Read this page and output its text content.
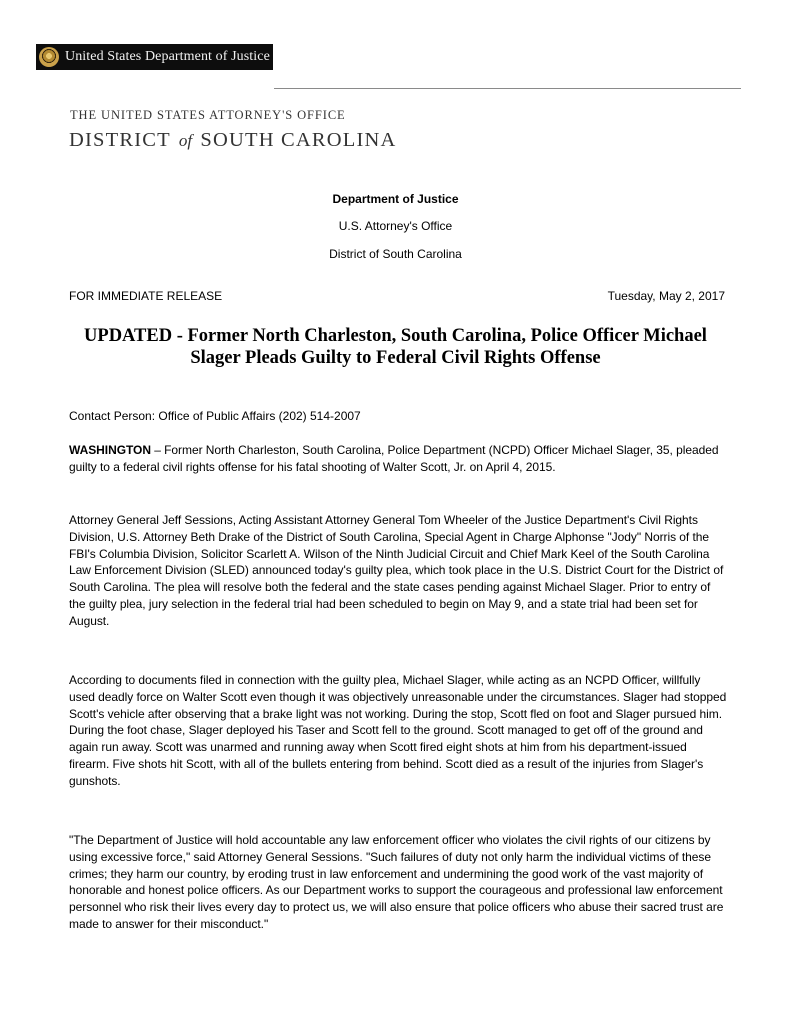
United States Department of Justice
THE UNITED STATES ATTORNEY'S OFFICE
DISTRICT of SOUTH CAROLINA
Department of Justice
U.S. Attorney's Office
District of South Carolina
FOR IMMEDIATE RELEASE	Tuesday, May 2, 2017
UPDATED - Former North Charleston, South Carolina, Police Officer Michael Slager Pleads Guilty to Federal Civil Rights Offense
Contact Person: Office of Public Affairs (202) 514-2007

WASHINGTON – Former North Charleston, South Carolina, Police Department (NCPD) Officer Michael Slager, 35, pleaded guilty to a federal civil rights offense for his fatal shooting of Walter Scott, Jr. on April 4, 2015.

Attorney General Jeff Sessions, Acting Assistant Attorney General Tom Wheeler of the Justice Department's Civil Rights Division, U.S. Attorney Beth Drake of the District of South Carolina, Special Agent in Charge Alphonse "Jody" Norris of the FBI's Columbia Division, Solicitor Scarlett A. Wilson of the Ninth Judicial Circuit and Chief Mark Keel of the South Carolina Law Enforcement Division (SLED) announced today's guilty plea, which took place in the U.S. District Court for the District of South Carolina. The plea will resolve both the federal and the state cases pending against Michael Slager. Prior to entry of the guilty plea, jury selection in the federal trial had been scheduled to begin on May 9, and a state trial had been set for August.

According to documents filed in connection with the guilty plea, Michael Slager, while acting as an NCPD Officer, willfully used deadly force on Walter Scott even though it was objectively unreasonable under the circumstances. Slager had stopped Scott's vehicle after observing that a brake light was not working. During the stop, Scott fled on foot and Slager pursued him. During the foot chase, Slager deployed his Taser and Scott fell to the ground. Scott managed to get off of the ground and again run away. Scott was unarmed and running away when Scott fired eight shots at him from his department-issued firearm. Five shots hit Scott, with all of the bullets entering from behind. Scott died as a result of the injuries from Slager's gunshots.

"The Department of Justice will hold accountable any law enforcement officer who violates the civil rights of our citizens by using excessive force," said Attorney General Sessions. "Such failures of duty not only harm the individual victims of these crimes; they harm our country, by eroding trust in law enforcement and undermining the good work of the vast majority of honorable and honest police officers. As our Department works to support the courageous and professional law enforcement personnel who risk their lives every day to protect us, we will also ensure that police officers who abuse their sacred trust are made to answer for their misconduct."
